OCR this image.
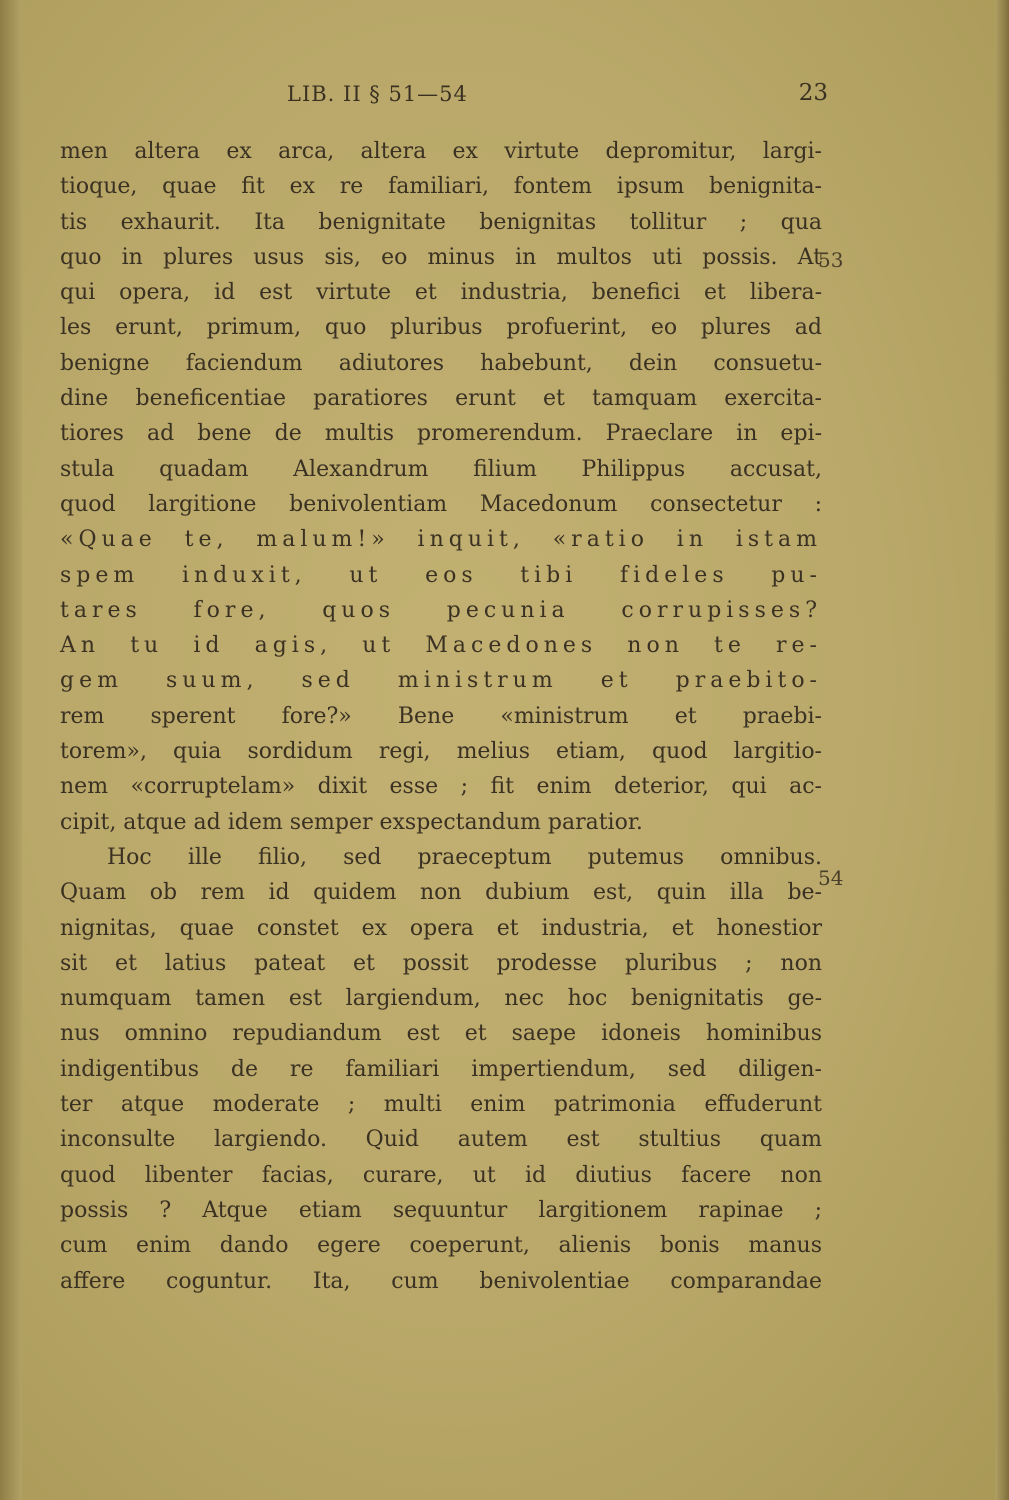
LIB. II § 51—54	23
53
54
men altera ex arca, altera ex virtute depromitur, largi-
tioque, quae fit ex re familiari, fontem ipsum benignita-
tis exhaurit. Ita benignitate benignitas tollitur ; qua
quo in plures usus sis, eo minus in multos uti possis. At
qui opera, id est virtute et industria, benefici et libera-
les erunt, primum, quo pluribus profuerint, eo plures ad
benigne faciendum adiutores habebunt, dein consuetu-
dine beneficentiae paratiores erunt et tamquam exercita-
tiores ad bene de multis promerendum. Praeclare in epi-
stula quadam Alexandrum filium Philippus accusat,
quod largitione benivolentiam Macedonum consectetur :
«Quae te, malum!» inquit, «ratio in istam
spem induxit, ut eos tibi fideles pu-
tares fore, quos pecunia corrupisses?
An tu id agis, ut Macedones non te re-
gem suum, sed ministrum et praebito-
rem sperent fore?» Bene «ministrum et praebi-
torem», quia sordidum regi, melius etiam, quod largitio-
nem «corruptelam» dixit esse ; fit enim deterior, qui ac-
cipit, atque ad idem semper exspectandum paratior.
Hoc ille filio, sed praeceptum putemus omnibus.
Quam ob rem id quidem non dubium est, quin illa be-
nignitas, quae constet ex opera et industria, et honestior
sit et latius pateat et possit prodesse pluribus ; non
numquam tamen est largiendum, nec hoc benignitatis ge-
nus omnino repudiandum est et saepe idoneis hominibus
indigentibus de re familiari impertiendum, sed diligen-
ter atque moderate ; multi enim patrimonia effuderunt
inconsulte largiendo. Quid autem est stultius quam
quod libenter facias, curare, ut id diutius facere non
possis ? Atque etiam sequuntur largitionem rapinae ;
cum enim dando egere coeperunt, alienis bonis manus
affere coguntur. Ita, cum benivolentiae comparandae
